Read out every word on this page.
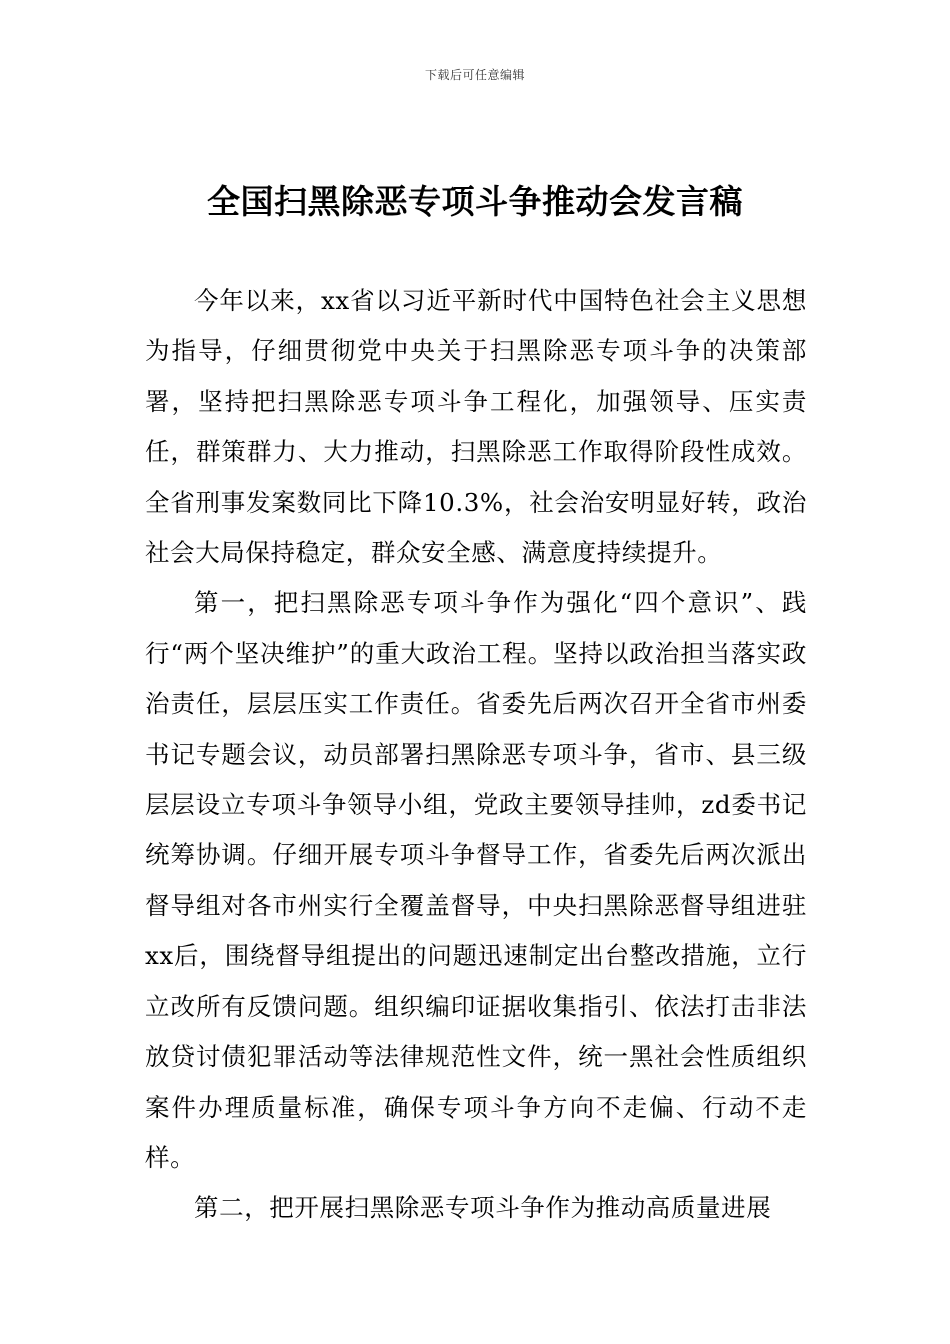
下载后可任意编辑
全国扫黑除恶专项斗争推动会发言稿

今年以来，xx省以习近平新时代中国特色社会主义思想为指导，仔细贯彻党中央关于扫黑除恶专项斗争的决策部署，坚持把扫黑除恶专项斗争工程化，加强领导、压实责任，群策群力、大力推动，扫黑除恶工作取得阶段性成效。全省刑事发案数同比下降10.3%，社会治安明显好转，政治社会大局保持稳定，群众安全感、满意度持续提升。

第一，把扫黑除恶专项斗争作为强化“四个意识”、践行“两个坚决维护”的重大政治工程。坚持以政治担当落实政治责任，层层压实工作责任。省委先后两次召开全省市州委书记专题会议，动员部署扫黑除恶专项斗争，省市、县三级层层设立专项斗争领导小组，党政主要领导挂帅，zd委书记统筹协调。仔细开展专项斗争督导工作，省委先后两次派出督导组对各市州实行全覆盖督导，中央扫黑除恶督导组进驻xx后，围绕督导组提出的问题迅速制定出台整改措施，立行立改所有反馈问题。组织编印证据收集指引、依法打击非法放贷讨债犯罪活动等法律规范性文件，统一黑社会性质组织案件办理质量标准，确保专项斗争方向不走偏、行动不走样。

第二，把开展扫黑除恶专项斗争作为推动高质量进展
